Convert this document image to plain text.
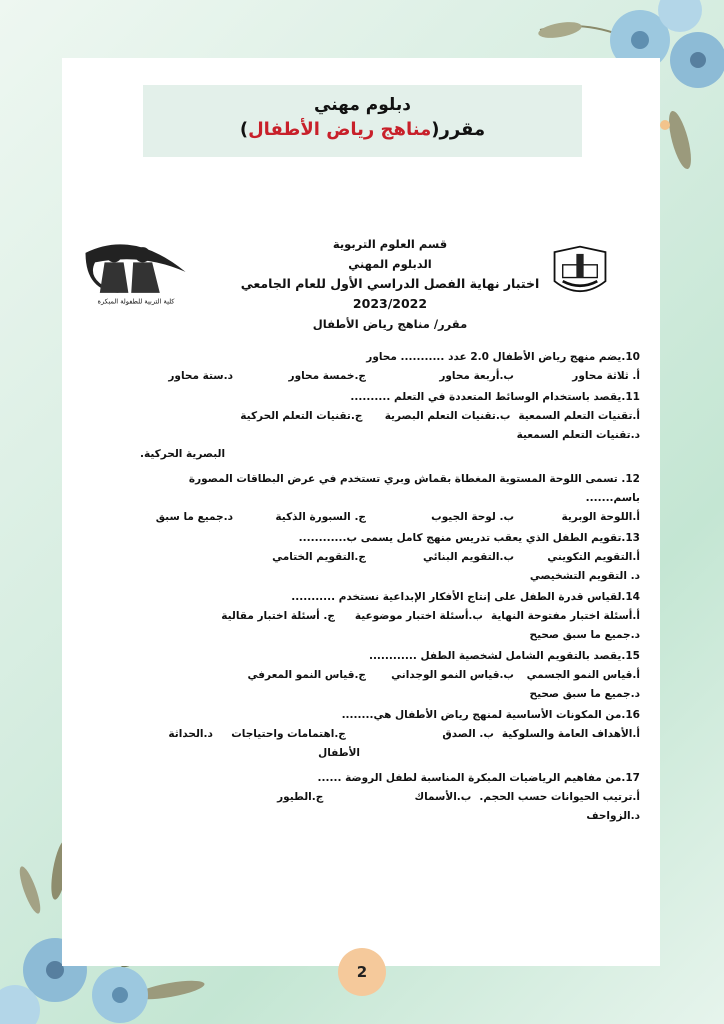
دبلوم مهني
مقرر(مناهج رياض الأطفال)
كلية التربية للطفولة المبكرة
قسم العلوم التربوية
الدبلوم المهني
اختبار نهاية الفصل الدراسي الأول للعام الجامعي 2023/2022
مقرر/ مناهج رياض الأطفال
10.يضم منهج رياض الأطفال 2.0 عدد ........... محاور
أ. ثلاثة محاور
ب.أربعة محاور
ج.خمسة محاور
د.ستة محاور
11.يقصد باستخدام الوسائط المتعددة في التعلم ..........
أ.تقنيات التعلم السمعية
ب.تقنيات التعلم البصرية
ج.تقنيات التعلم الحركية
د.تقنيات التعلم السمعية
البصرية الحركية.
12. تسمى اللوحة المستوية المغطاة بقماش وبري تستخدم في عرض البطاقات المصورة باسم.......
أ.اللوحة الوبرية
ب. لوحة الجيوب
ج. السبورة الذكية
د.جميع ما سبق
13.تقويم الطفل الذي يعقب تدريس منهج كامل يسمى ب............
أ.التقويم التكويني
ب.التقويم البنائي
ج.التقويم الختامي
د. التقويم التشخيصي
14.لقياس قدرة الطفل على إنتاج الأفكار الإبداعية نستخدم ...........
أ.أسئلة اختبار مفتوحة النهاية
ب.أسئلة اختبار موضوعية
ج. أسئلة اختبار مقالية
د.جميع ما سبق صحيح
15.يقصد بالتقويم الشامل لشخصية الطفل ............
أ.قياس النمو الجسمي
ب.قياس النمو الوجداني
ج.قياس النمو المعرفي
د.جميع ما سبق صحيح
16.من المكونات الأساسية لمنهج رياض الأطفال هي........
أ.الأهداف العامة والسلوكية
ب. الصدق
ج.اهتمامات واحتياجات
د.الحداثة
الأطفال
17.من مفاهيم الرياضيات المبكرة المناسبة لطفل الروضة ......
أ.ترتيب الحيوانات حسب الحجم.
ب.الأسماك
ج.الطيور
د.الزواحف
2
